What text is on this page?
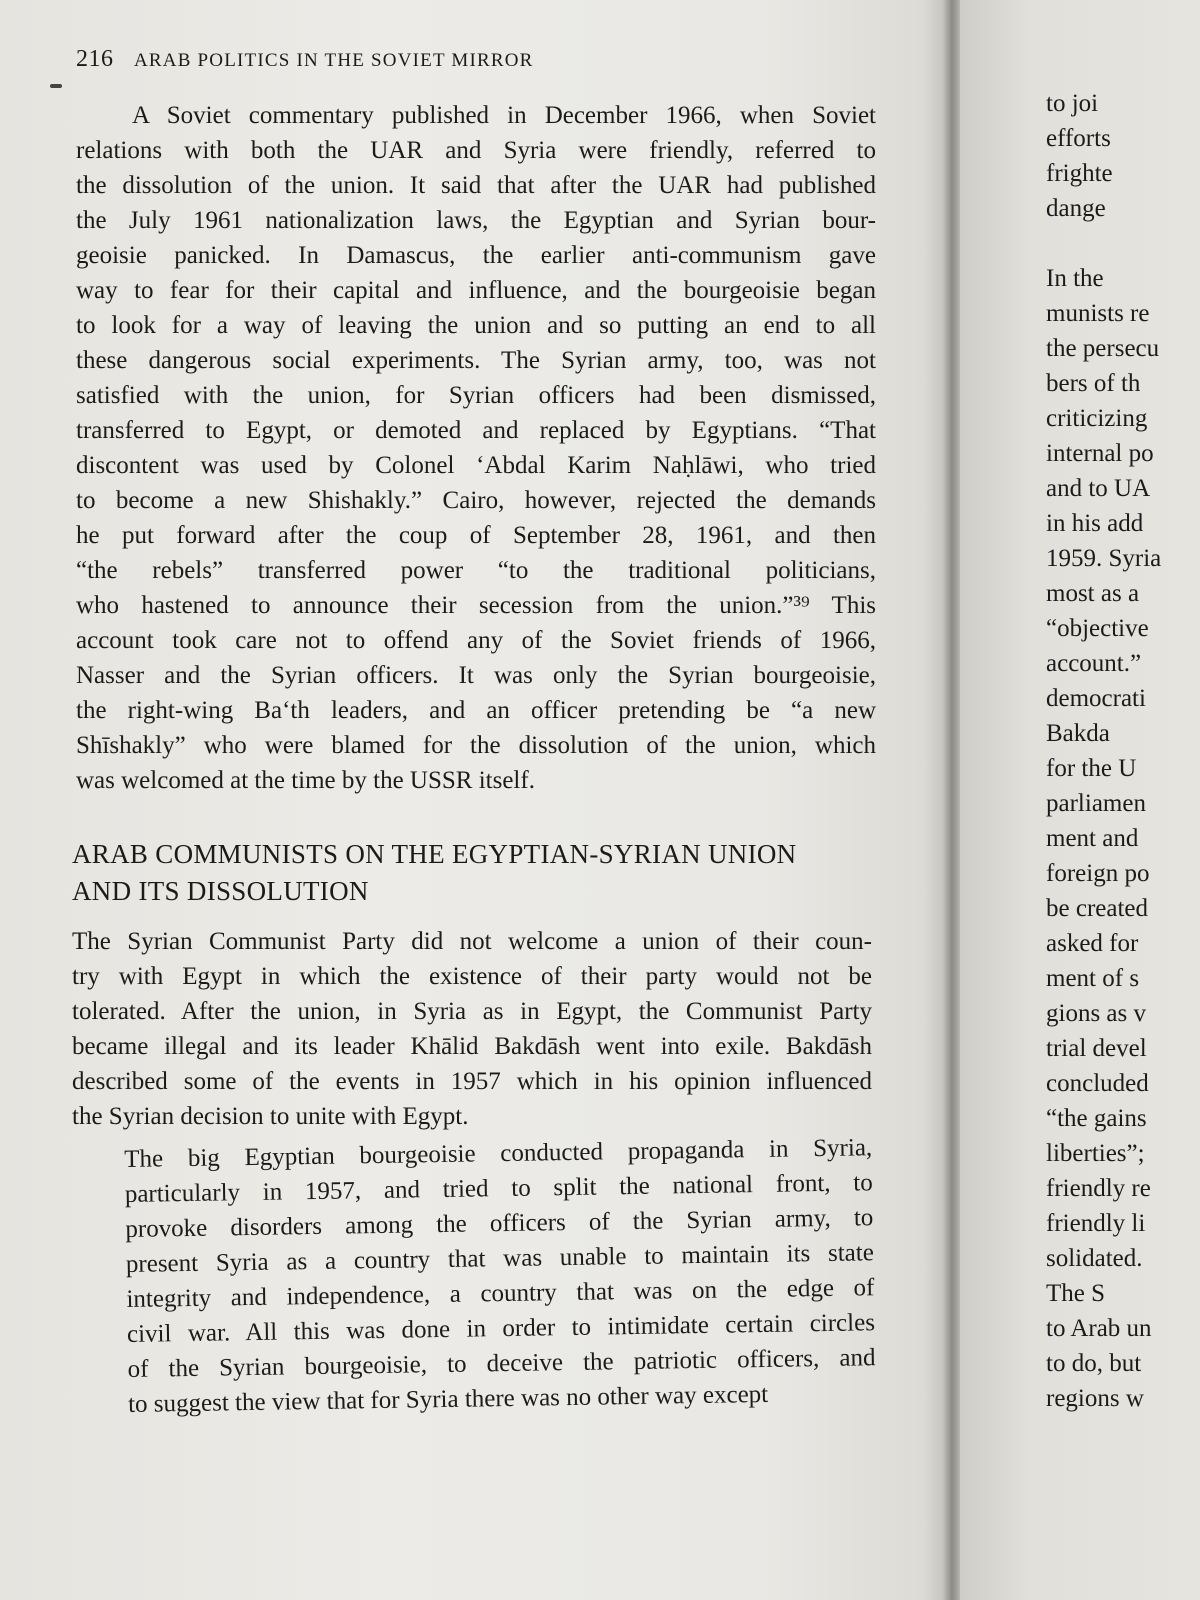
to joi
efforts
frighte
dange

In the
munists re
the persecu
bers of th
criticizing
internal po
and to UA
in his add
1959. Syria
most as a
“objective
account.”
democrati
Bakda
for the U
parliamen
ment and
foreign po
be created
asked for
ment of s
gions as v
trial devel
concluded
“the gains
liberties”;
friendly re
friendly li
solidated.
The S
to Arab un
to do, but
regions w
216 ARAB POLITICS IN THE SOVIET MIRROR
A Soviet commentary published in December 1966, when Soviet
relations with both the UAR and Syria were friendly, referred to
the dissolution of the union. It said that after the UAR had published
the July 1961 nationalization laws, the Egyptian and Syrian bour-
geoisie panicked. In Damascus, the earlier anti-communism gave
way to fear for their capital and influence, and the bourgeoisie began
to look for a way of leaving the union and so putting an end to all
these dangerous social experiments. The Syrian army, too, was not
satisfied with the union, for Syrian officers had been dismissed,
transferred to Egypt, or demoted and replaced by Egyptians. “That
discontent was used by Colonel ‘Abdal Karim Naḥlāwi, who tried
to become a new Shishakly.” Cairo, however, rejected the demands
he put forward after the coup of September 28, 1961, and then
“the rebels” transferred power “to the traditional politicians,
who hastened to announce their secession from the union.”³⁹ This
account took care not to offend any of the Soviet friends of 1966,
Nasser and the Syrian officers. It was only the Syrian bourgeoisie,
the right-wing Ba‘th leaders, and an officer pretending be “a new
Shīshakly” who were blamed for the dissolution of the union, which
was welcomed at the time by the USSR itself.
ARAB COMMUNISTS ON THE EGYPTIAN-SYRIAN UNION
AND ITS DISSOLUTION
The Syrian Communist Party did not welcome a union of their coun-
try with Egypt in which the existence of their party would not be
tolerated. After the union, in Syria as in Egypt, the Communist Party
became illegal and its leader Khālid Bakdāsh went into exile. Bakdāsh
described some of the events in 1957 which in his opinion influenced
the Syrian decision to unite with Egypt.
The big Egyptian bourgeoisie conducted propaganda in Syria,
particularly in 1957, and tried to split the national front, to
provoke disorders among the officers of the Syrian army, to
present Syria as a country that was unable to maintain its state
integrity and independence, a country that was on the edge of
civil war. All this was done in order to intimidate certain circles
of the Syrian bourgeoisie, to deceive the patriotic officers, and
to suggest the view that for Syria there was no other way except
